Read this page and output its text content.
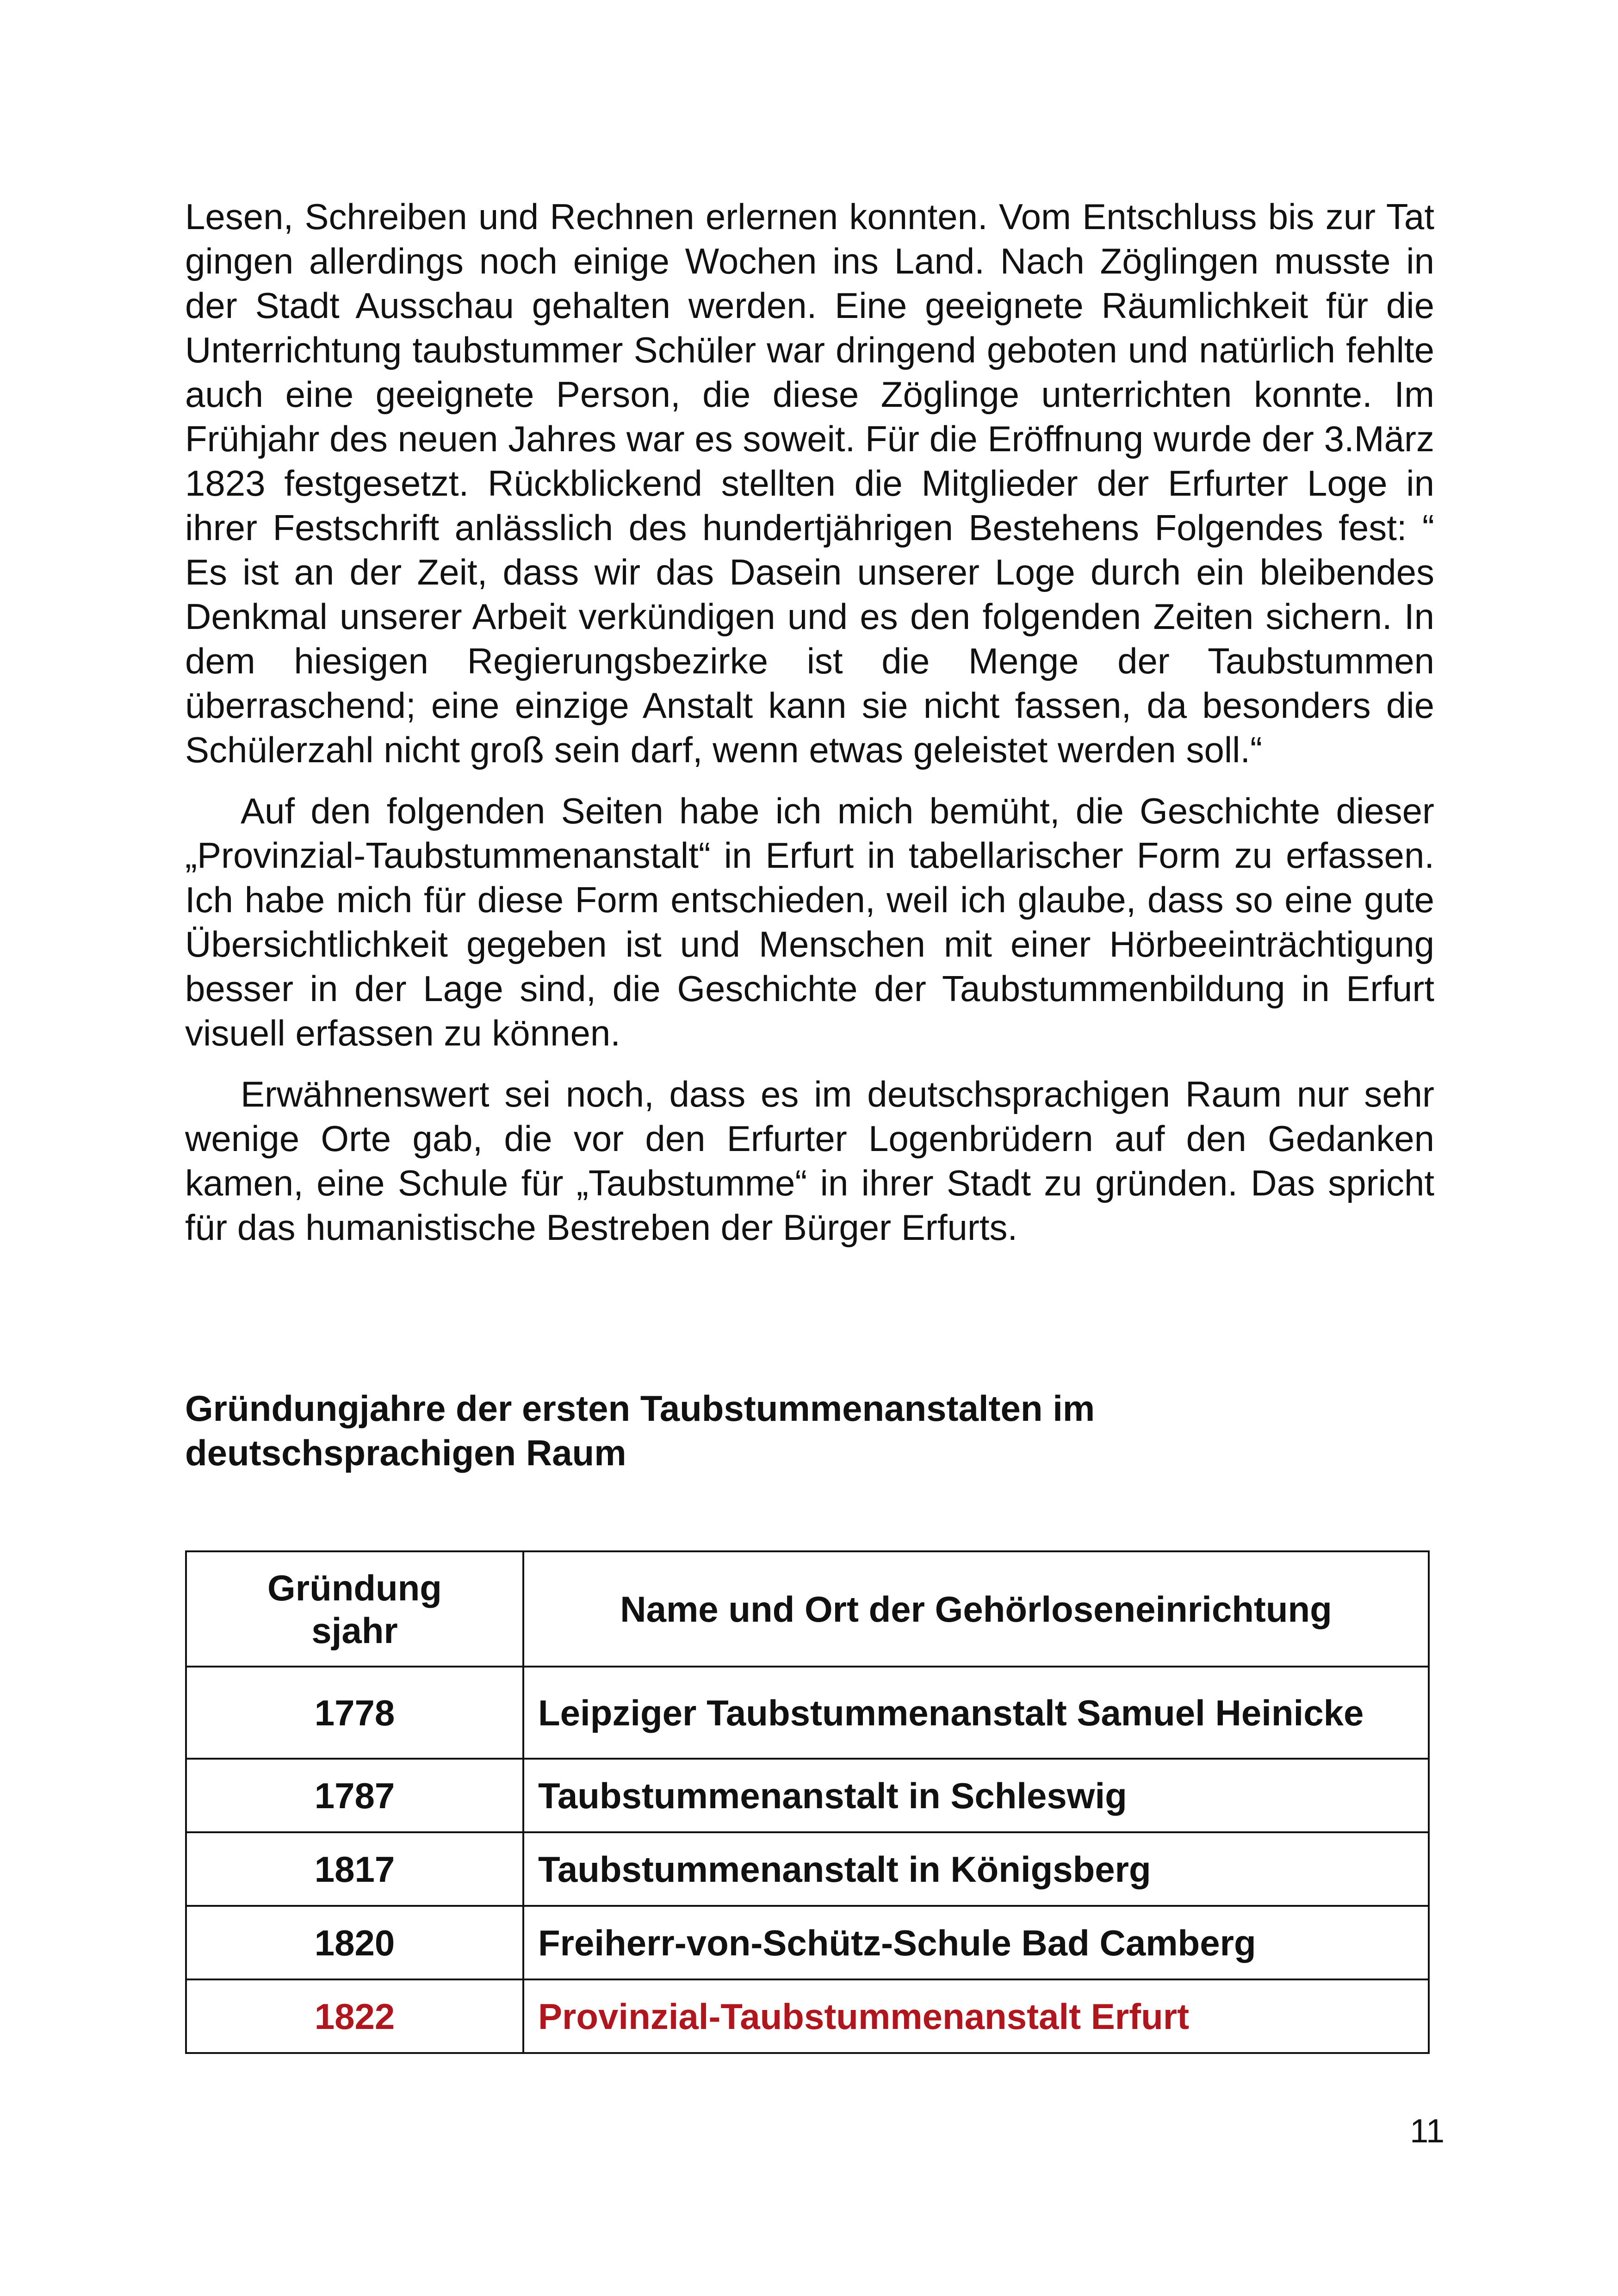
Lesen, Schreiben und Rechnen erlernen konnten. Vom Entschluss bis zur Tat gingen allerdings noch einige Wochen ins Land. Nach Zöglingen musste in der Stadt Ausschau gehalten werden. Eine geeignete Räumlichkeit für die Unterrichtung taubstummer Schüler war dringend geboten und natürlich fehlte auch eine geeignete Person, die diese Zöglinge unterrichten konnte. Im Frühjahr des neuen Jahres war es soweit. Für die Eröffnung wurde der 3.März 1823 festgesetzt. Rückblickend stellten die Mitglieder der Erfurter Loge in ihrer Festschrift anlässlich des hundertjährigen Bestehens Folgendes fest: “ Es ist an der Zeit, dass wir das Dasein unserer Loge durch ein bleibendes Denkmal unserer Arbeit verkündigen und es den folgenden Zeiten sichern. In dem hiesigen Regierungsbezirke ist die Menge der Taubstummen überraschend; eine einzige Anstalt kann sie nicht fassen, da besonders die Schülerzahl nicht groß sein darf, wenn etwas geleistet werden soll.“

Auf den folgenden Seiten habe ich mich bemüht, die Geschichte dieser „Provinzial-Taubstummenanstalt“ in Erfurt in tabellarischer Form zu erfassen. Ich habe mich für diese Form entschieden, weil ich glaube, dass so eine gute Übersichtlichkeit gegeben ist und Menschen mit einer Hörbeeinträchtigung besser in der Lage sind, die Geschichte der Taubstummenbildung in Erfurt visuell erfassen zu können.

Erwähnenswert sei noch, dass es im deutschsprachigen Raum nur sehr wenige Orte gab, die vor den Erfurter Logenbrüdern auf den Gedanken kamen, eine Schule für „Taubstumme“ in ihrer Stadt zu gründen. Das spricht für das humanistische Bestreben der Bürger Erfurts.

Gründungjahre der ersten Taubstummenanstalten im deutschsprachigen Raum
Gründungsjahr	Name und Ort der Gehörloseneinrichtung
1778	Leipziger Taubstummenanstalt Samuel Heinicke
1787	Taubstummenanstalt in Schleswig
1817	Taubstummenanstalt in Königsberg
1820	Freiherr-von-Schütz-Schule Bad Camberg
1822	Provinzial-Taubstummenanstalt Erfurt

11
